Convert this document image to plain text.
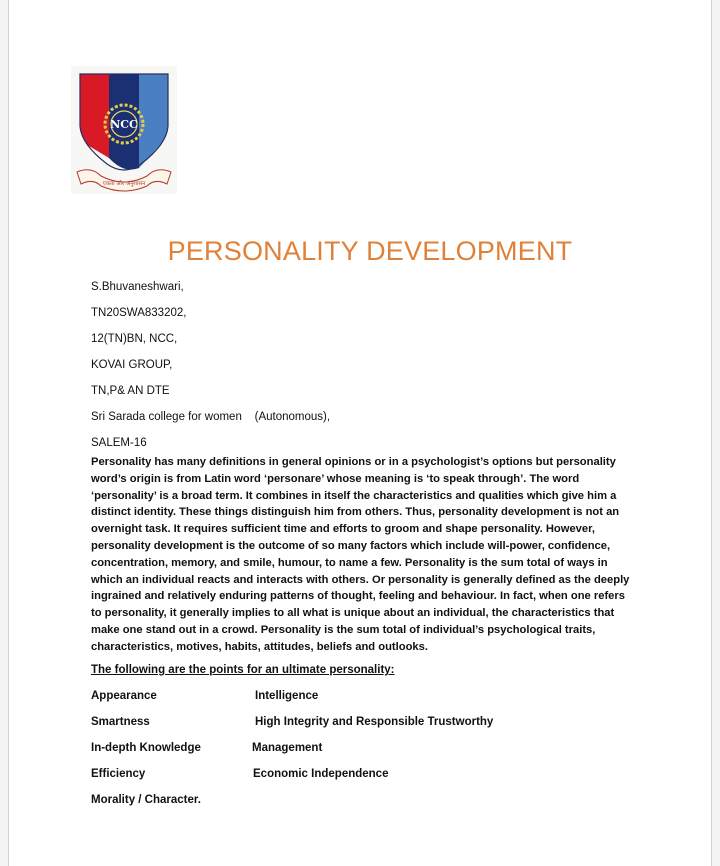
NCC
एकता और अनुशासन
PERSONALITY DEVELOPMENT
S.Bhuvaneshwari,
TN20SWA833202,
12(TN)BN, NCC,
KOVAI GROUP,
TN,P& AN DTE
Sri Sarada college for women    (Autonomous),
SALEM-16
Personality has many definitions in general opinions or in a psychologist’s options but personality word’s origin is from Latin word ‘personare’ whose meaning is ‘to speak through’. The word ‘personality’ is a broad term. It combines in itself the characteristics and qualities which give him a distinct identity. These things distinguish him from others. Thus, personality development is not an overnight task. It requires sufficient time and efforts to groom and shape personality. However, personality development is the outcome of so many factors which include will-power, confidence, concentration, memory, and smile, humour, to name a few. Personality is the sum total of ways in which an individual reacts and interacts with others. Or personality is generally defined as the deeply ingrained and relatively enduring patterns of thought, feeling and behaviour. In fact, when one refers to personality, it generally implies to all what is unique about an individual, the characteristics that make one stand out in a crowd. Personality is the sum total of individual’s psychological traits, characteristics, motives, habits, attitudes, beliefs and outlooks.
The following are the points for an ultimate personality:
Appearance	Intelligence
Smartness	High Integrity and Responsible Trustworthy
In-depth Knowledge	Management
Efficiency	Economic Independence
Morality / Character.
